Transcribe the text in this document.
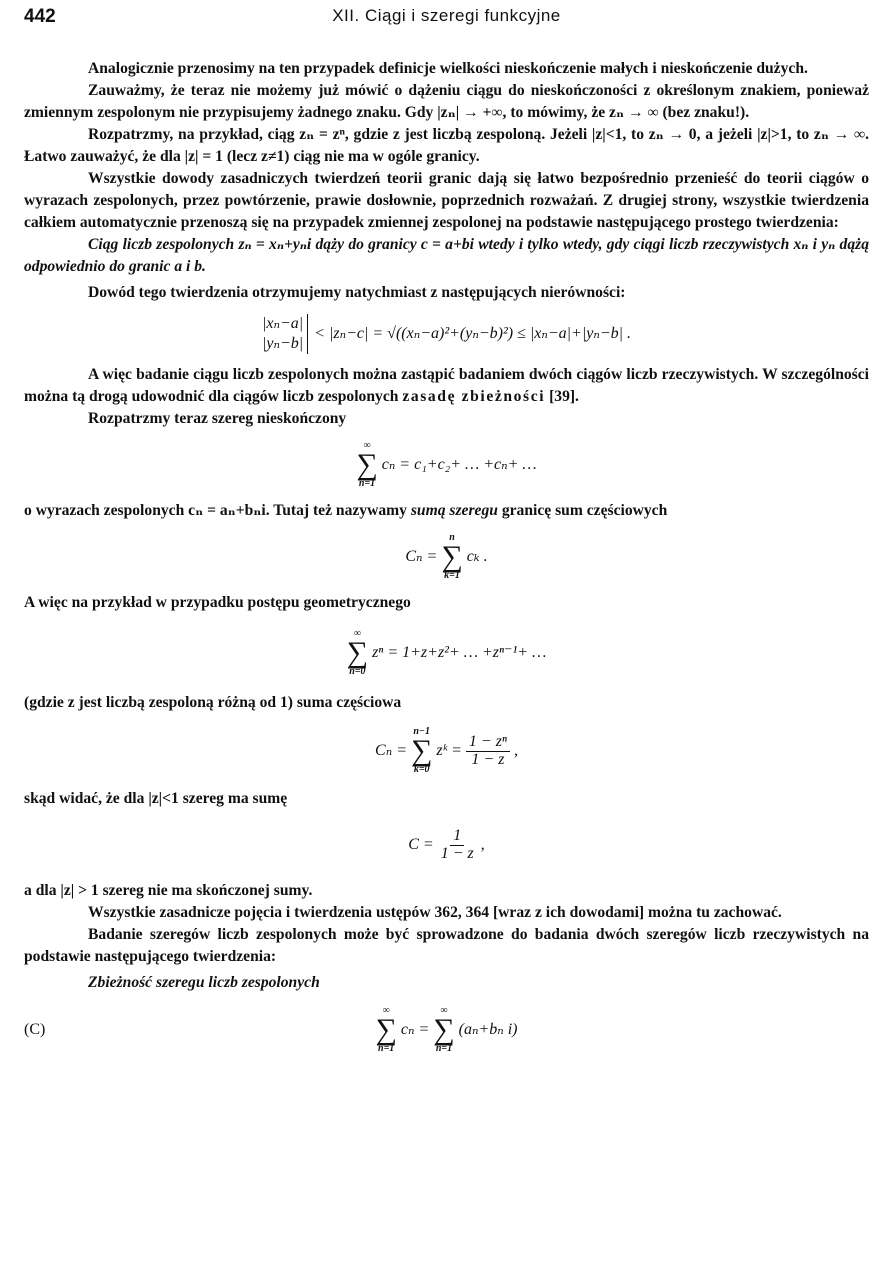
442	XII. Ciągi i szeregi funkcyjne

Analogicznie przenosimy na ten przypadek definicje wielkości nieskończenie małych i nieskończenie dużych.

Zauważmy, że teraz nie możemy już mówić o dążeniu ciągu do nieskończoności z określonym znakiem, ponieważ zmiennym zespolonym nie przypisujemy żadnego znaku. Gdy |zₙ| → +∞, to mówimy, że zₙ → ∞ (bez znaku!).

Rozpatrzmy, na przykład, ciąg zₙ = zⁿ, gdzie z jest liczbą zespoloną. Jeżeli |z|<1, to zₙ → 0, a jeżeli |z|>1, to zₙ → ∞. Łatwo zauważyć, że dla |z| = 1 (lecz z≠1) ciąg nie ma w ogóle granicy.

Wszystkie dowody zasadniczych twierdzeń teorii granic dają się łatwo bezpośrednio przenieść do teorii ciągów o wyrazach zespolonych, przez powtórzenie, prawie dosłownie, poprzednich rozważań. Z drugiej strony, wszystkie twierdzenia całkiem automatycznie przenoszą się na przypadek zmiennej zespolonej na podstawie następującego prostego twierdzenia:

Ciąg liczb zespolonych zₙ = xₙ+yₙi dąży do granicy c = a+bi wtedy i tylko wtedy, gdy ciągi liczb rzeczywistych xₙ i yₙ dążą odpowiednio do granic a i b.

Dowód tego twierdzenia otrzymujemy natychmiast z następujących nierówności:

|xₙ−a|
|yₙ−b|
< |zₙ−c| = √((xₙ−a)²+(yₙ−b)²) ≤ |xₙ−a|+|yₙ−b| .

A więc badanie ciągu liczb zespolonych można zastąpić badaniem dwóch ciągów liczb rzeczywistych. W szczególności można tą drogą udowodnić dla ciągów liczb zespolonych zasadę zbieżności [39].

Rozpatrzmy teraz szereg nieskończony

∞
∑
n=1
cₙ = c₁+c₂+ … +cₙ+ …

o wyrazach zespolonych cₙ = aₙ+bₙi. Tutaj też nazywamy sumą szeregu granicę sum częściowych

Cₙ =
n
∑
k=1
cₖ .

A więc na przykład w przypadku postępu geometrycznego

∞
∑
n=0
zⁿ = 1+z+z²+ … +zⁿ⁻¹+ …

(gdzie z jest liczbą zespoloną różną od 1) suma częściowa

Cₙ =
n−1
∑
k=0
zᵏ = $\frac{\text{1 − zⁿ}}{1 - z}$ ,

skąd widać, że dla |z|<1 szereg ma sumę

$C = \frac{1}{1 - z}$ ,

a dla |z| > 1 szereg nie ma skończonej sumy.

Wszystkie zasadnicze pojęcia i twierdzenia ustępów 362, 364 [wraz z ich dowodami] można tu zachować.

Badanie szeregów liczb zespolonych może być sprowadzone do badania dwóch szeregów liczb rzeczywistych na podstawie następującego twierdzenia:

Zbieżność szeregu liczb zespolonych

(C)
∞
∑
n=1
cₙ =
∞
∑
n=1
(aₙ+bₙ i)
